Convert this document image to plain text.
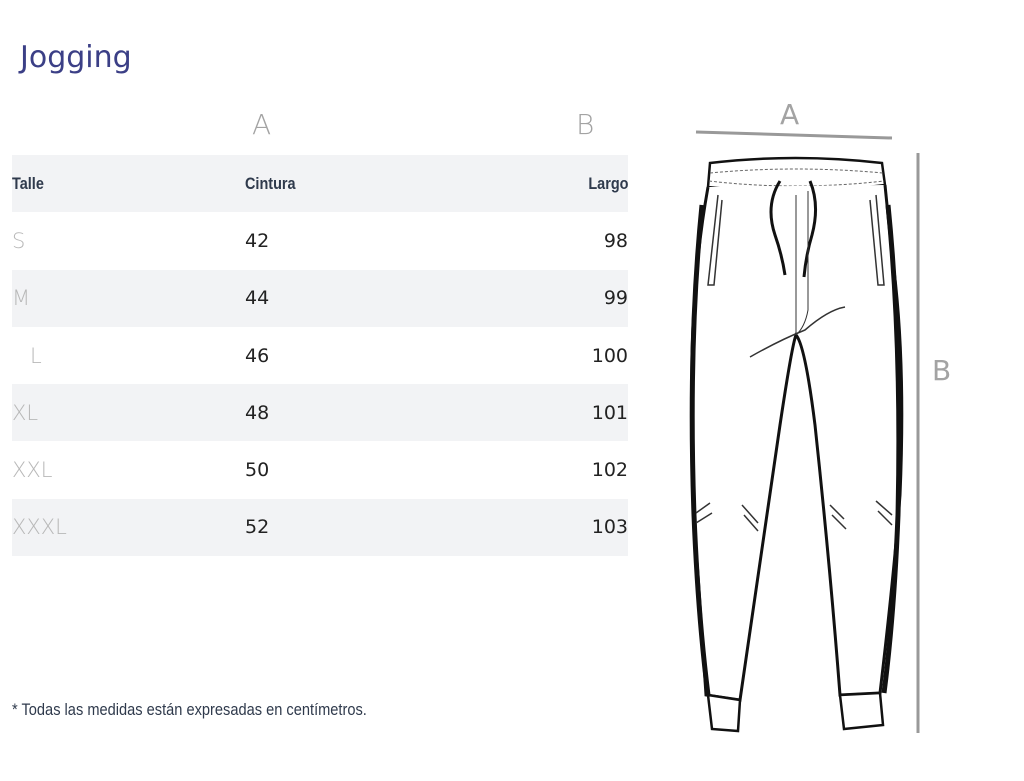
Jogging
A	B
Talle	Cintura	Largo
S	42	98
M	44	99
L	46	100
XL	48	101
XXL	50	102
XXXL	52	103
* Todas las medidas están expresadas en centímetros.
A
B
